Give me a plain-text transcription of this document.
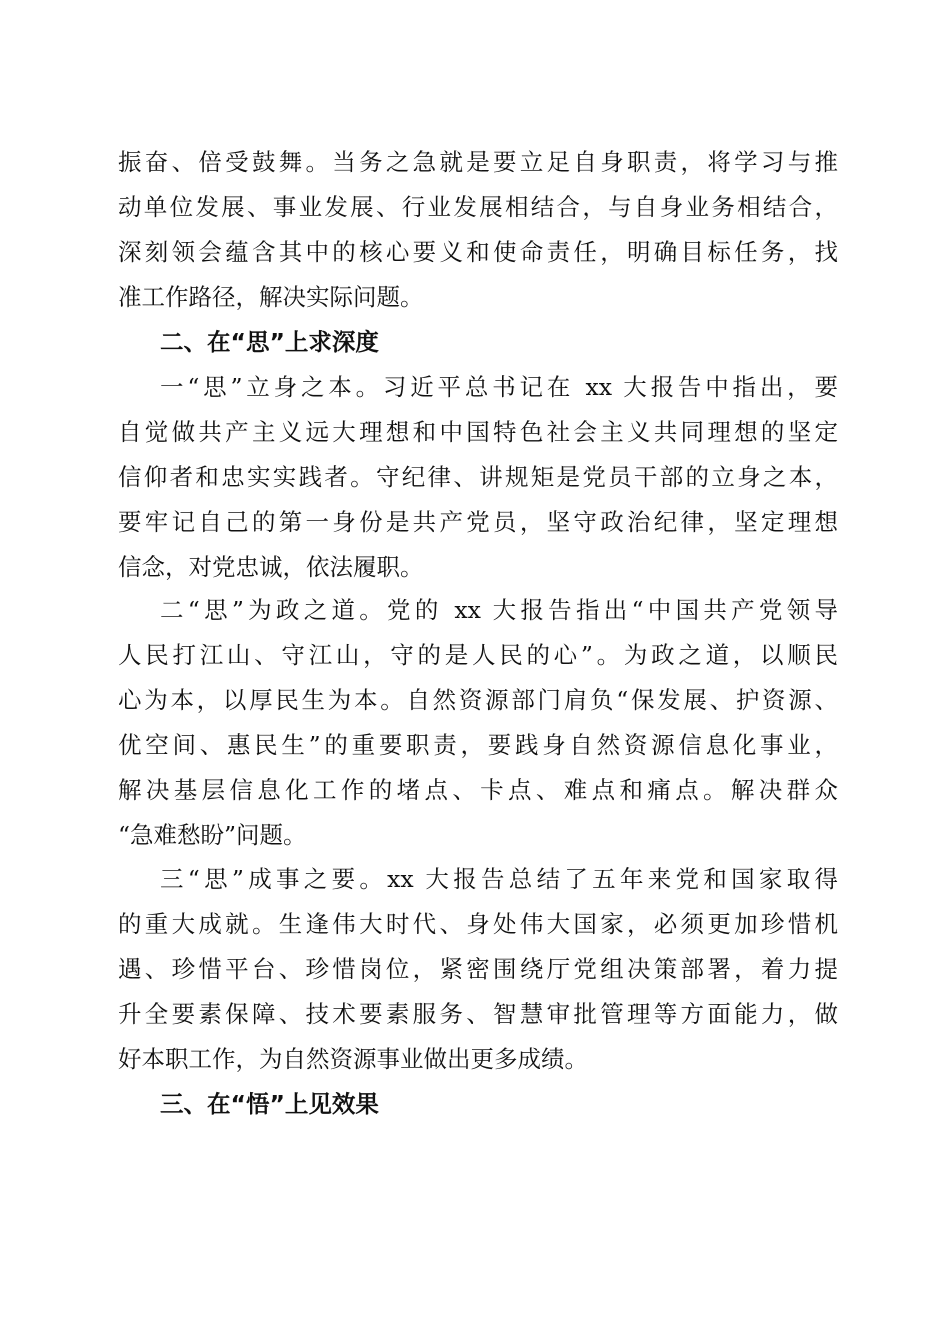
振奋、倍受鼓舞。当务之急就是要立足自身职责，将学习与推
动单位发展、事业发展、行业发展相结合，与自身业务相结合，
深刻领会蕴含其中的核心要义和使命责任，明确目标任务，找
准工作路径，解决实际问题。
二、在“思”上求深度
一“思”立身之本。习近平总书记在 xx 大报告中指出，要
自觉做共产主义远大理想和中国特色社会主义共同理想的坚定
信仰者和忠实实践者。守纪律、讲规矩是党员干部的立身之本，
要牢记自己的第一身份是共产党员，坚守政治纪律，坚定理想
信念，对党忠诚，依法履职。
二“思”为政之道。党的 xx 大报告指出“中国共产党领导
人民打江山、守江山，守的是人民的心”。为政之道，以顺民
心为本，以厚民生为本。自然资源部门肩负“保发展、护资源、
优空间、惠民生”的重要职责，要践身自然资源信息化事业，
解决基层信息化工作的堵点、卡点、难点和痛点。解决群众
“急难愁盼”问题。
三“思”成事之要。xx 大报告总结了五年来党和国家取得
的重大成就。生逢伟大时代、身处伟大国家，必须更加珍惜机
遇、珍惜平台、珍惜岗位，紧密围绕厅党组决策部署，着力提
升全要素保障、技术要素服务、智慧审批管理等方面能力，做
好本职工作，为自然资源事业做出更多成绩。
三、在“悟”上见效果
